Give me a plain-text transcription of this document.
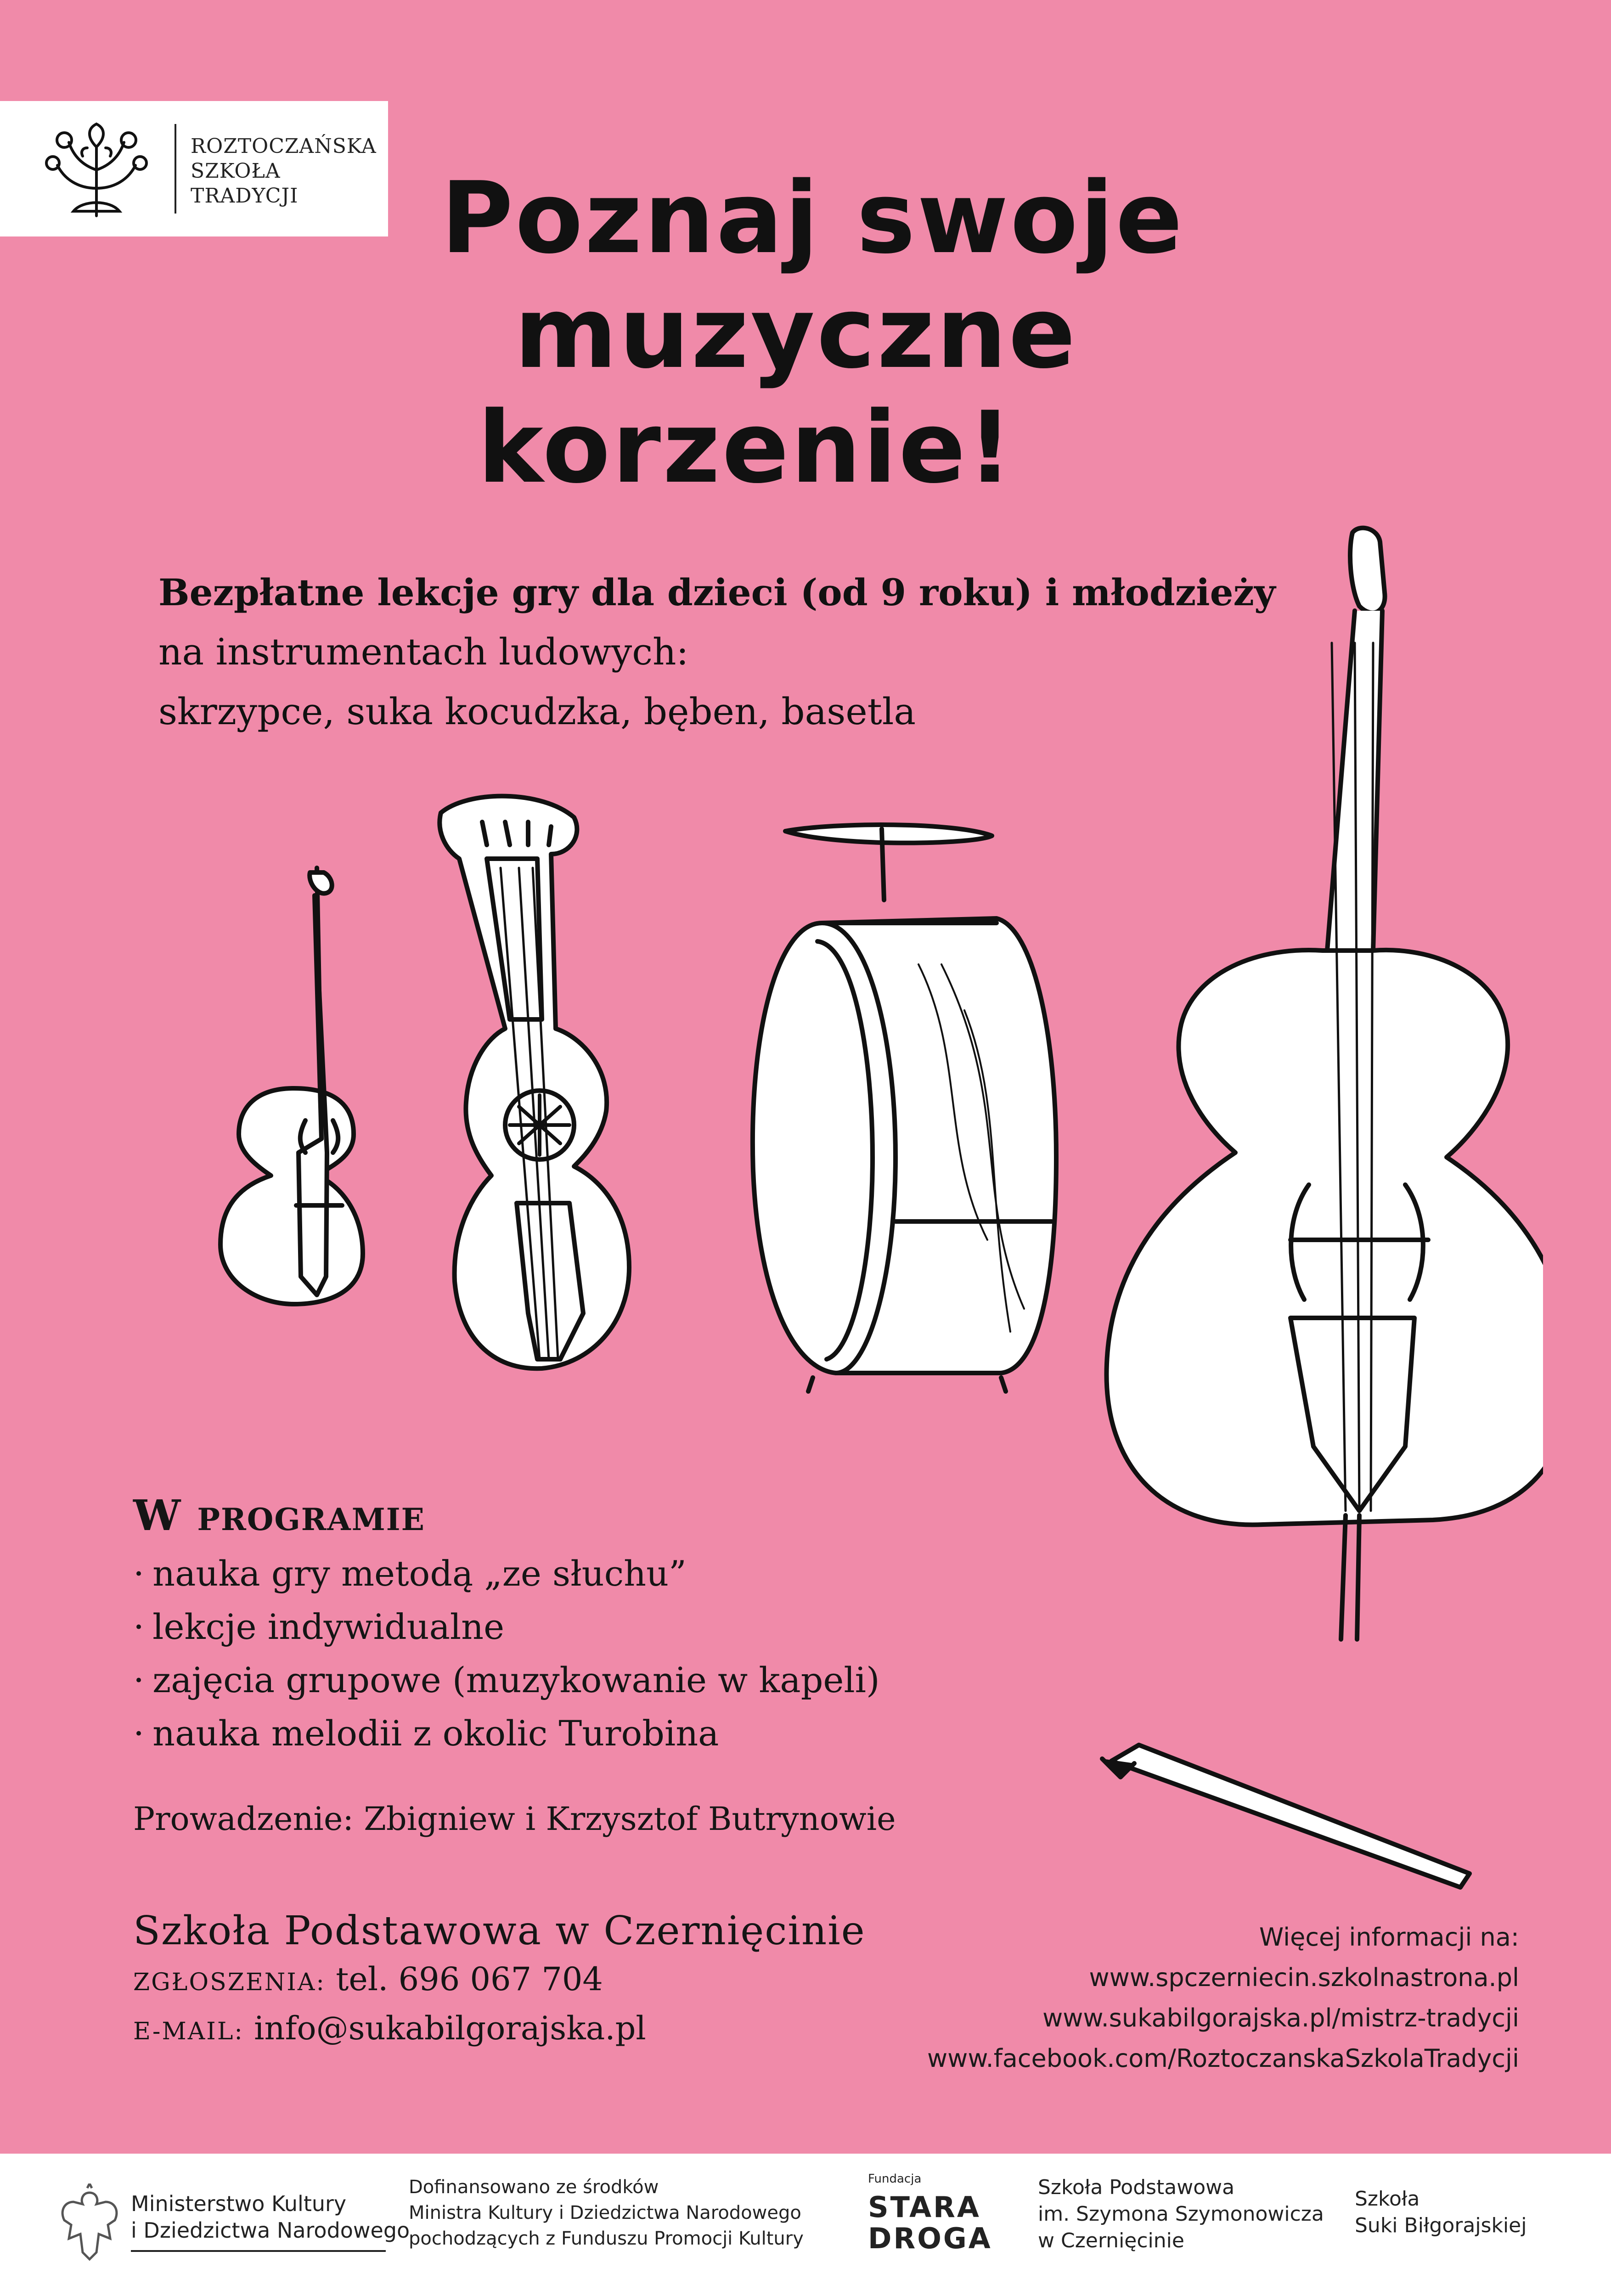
ROZTOCZAŃSKA
SZKOŁA
TRADYCJI	Poznaj swoje
muzyczne
korzenie!
Bezpłatne lekcje gry dla dzieci (od 9 roku) i młodzieży
na instrumentach ludowych:
skrzypce, suka kocudzka, bęben, basetla
W PROGRAMIE
· nauka gry metodą „ze słuchu”
· lekcje indywidualne
· zajęcia grupowe (muzykowanie w kapeli)
· nauka melodii z okolic Turobina
Prowadzenie: Zbigniew i Krzysztof Butrynowie
Szkoła Podstawowa w Czernięcinie
ZGŁOSZENIA: tel. 696 067 704
E-MAIL: info@sukabilgorajska.pl
Więcej informacji na:
www.spczerniecin.szkolnastrona.pl
www.sukabilgorajska.pl/mistrz-tradycji
www.facebook.com/RoztoczanskaSzkolaTradycji
Ministerstwo Kultury
i Dziedzictwa Narodowego
Dofinansowano ze środków
Ministra Kultury i Dziedzictwa Narodowego
pochodzących z Funduszu Promocji Kultury
Fundacja
STARA
DROGA
Szkoła Podstawowa
im. Szymona Szymonowicza
w Czernięcinie
Szkoła
Suki Biłgorajskiej
